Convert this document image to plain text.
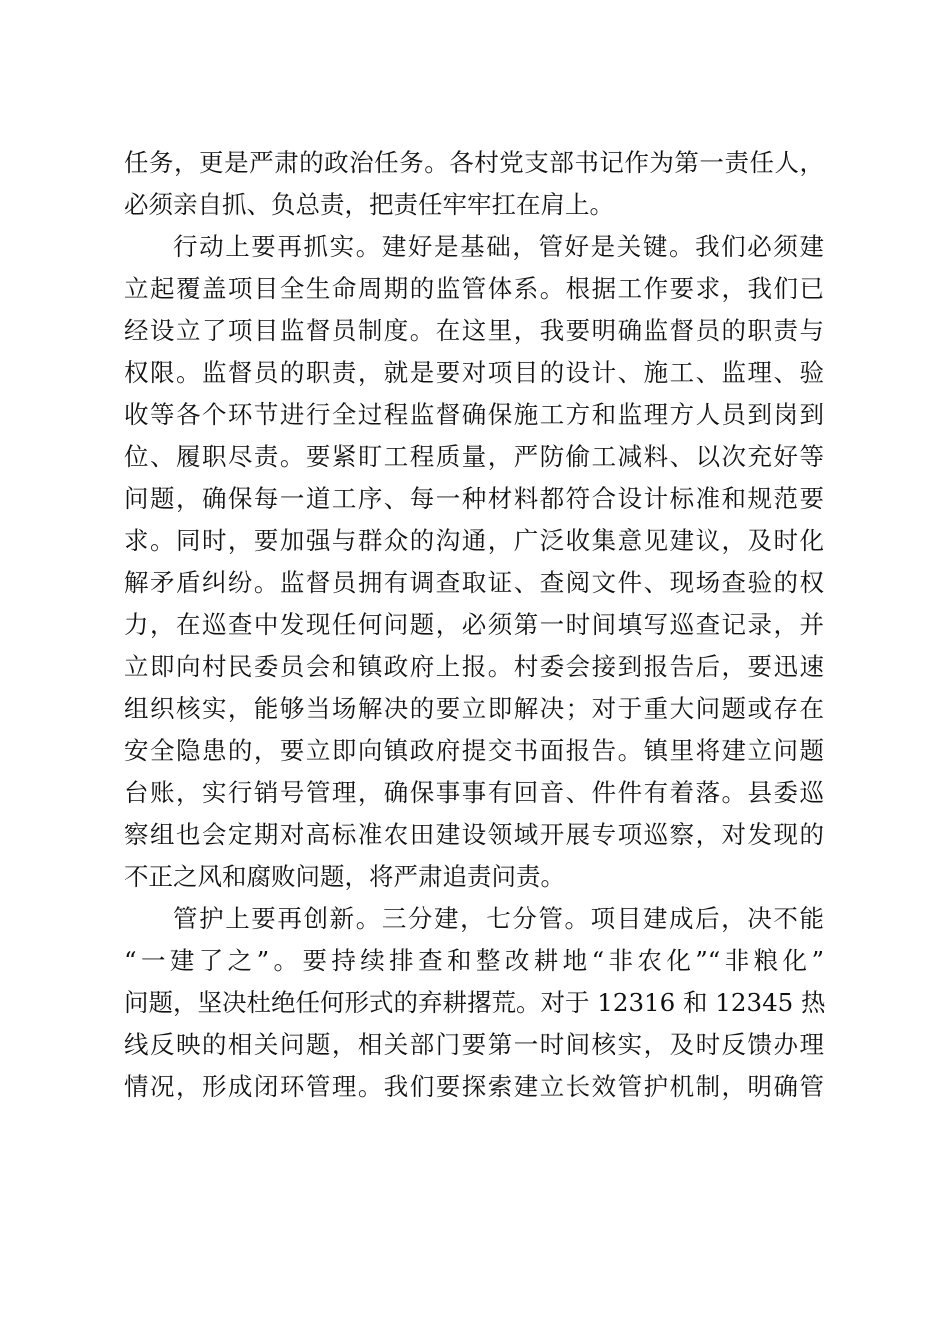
任务，更是严肃的政治任务。各村党支部书记作为第一责任人，
必须亲自抓、负总责，把责任牢牢扛在肩上。
行动上要再抓实。建好是基础，管好是关键。我们必须建
立起覆盖项目全生命周期的监管体系。根据工作要求，我们已
经设立了项目监督员制度。在这里，我要明确监督员的职责与
权限。监督员的职责，就是要对项目的设计、施工、监理、验
收等各个环节进行全过程监督确保施工方和监理方人员到岗到
位、履职尽责。要紧盯工程质量，严防偷工减料、以次充好等
问题，确保每一道工序、每一种材料都符合设计标准和规范要
求。同时，要加强与群众的沟通，广泛收集意见建议，及时化
解矛盾纠纷。监督员拥有调查取证、查阅文件、现场查验的权
力，在巡查中发现任何问题，必须第一时间填写巡查记录，并
立即向村民委员会和镇政府上报。村委会接到报告后，要迅速
组织核实，能够当场解决的要立即解决；对于重大问题或存在
安全隐患的，要立即向镇政府提交书面报告。镇里将建立问题
台账，实行销号管理，确保事事有回音、件件有着落。县委巡
察组也会定期对高标准农田建设领域开展专项巡察，对发现的
不正之风和腐败问题，将严肃追责问责。
管护上要再创新。三分建，七分管。项目建成后，决不能
“一建了之”。要持续排查和整改耕地“非农化”“非粮化”
问题，坚决杜绝任何形式的弃耕撂荒。对于 12316 和 12345 热
线反映的相关问题，相关部门要第一时间核实，及时反馈办理
情况，形成闭环管理。我们要探索建立长效管护机制，明确管
